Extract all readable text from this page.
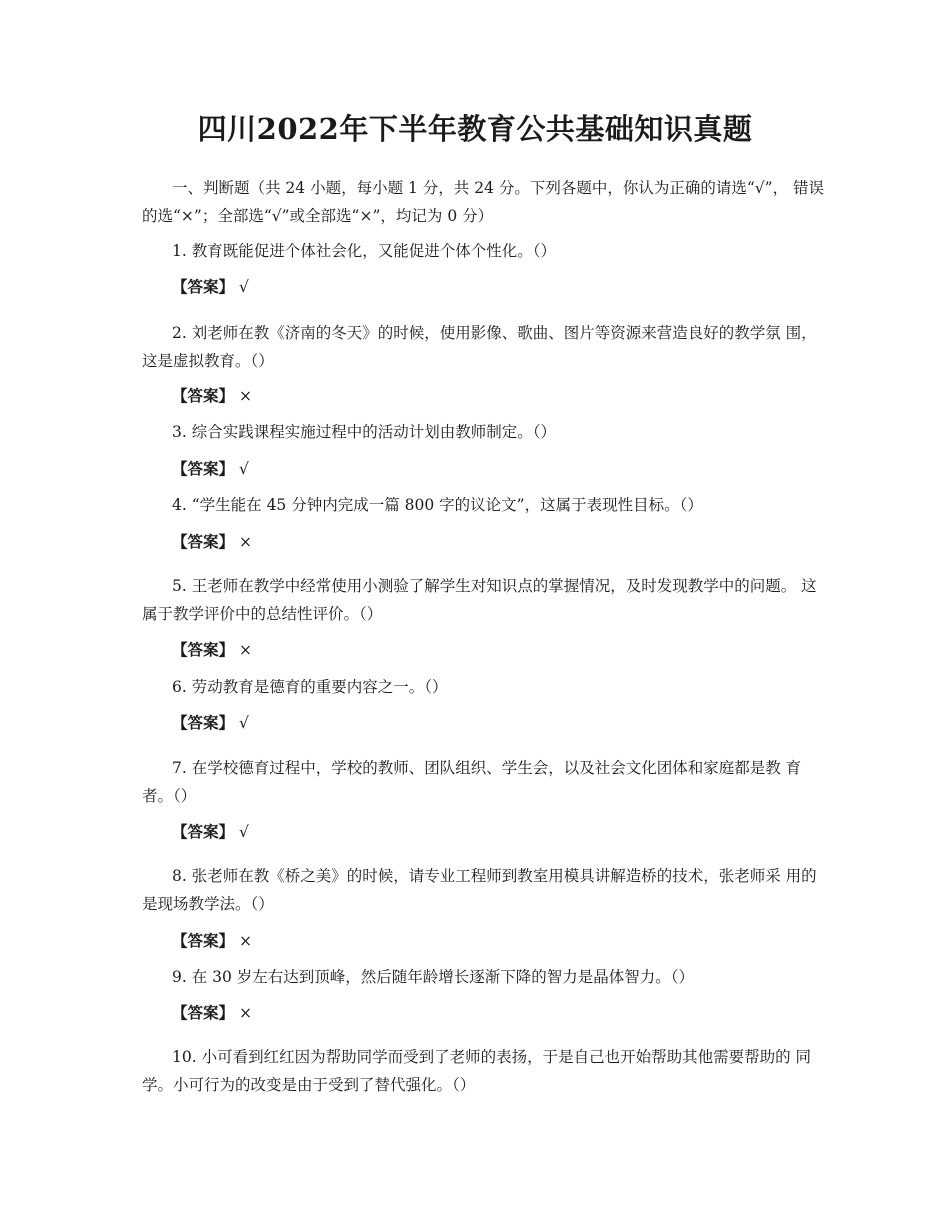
四川2022年下半年教育公共基础知识真题
一、判断题（共 24 小题，每小题 1 分，共 24 分。下列各题中，你认为正确的请选“√”， 错误的选“×”；全部选“√”或全部选“×”，均记为 0 分）
1. 教育既能促进个体社会化，又能促进个体个性化。（）
【答案】 √
2. 刘老师在教《济南的冬天》的时候，使用影像、歌曲、图片等资源来营造良好的教学氛 围，这是虚拟教育。（）
【答案】 ×
3. 综合实践课程实施过程中的活动计划由教师制定。（）
【答案】 √
4. “学生能在 45 分钟内完成一篇 800 字的议论文”，这属于表现性目标。（）
【答案】 ×
5. 王老师在教学中经常使用小测验了解学生对知识点的掌握情况，及时发现教学中的问题。 这属于教学评价中的总结性评价。（）
【答案】 ×
6. 劳动教育是德育的重要内容之一。（）
【答案】 √
7. 在学校德育过程中，学校的教师、团队组织、学生会，以及社会文化团体和家庭都是教 育者。（）
【答案】 √
8. 张老师在教《桥之美》的时候，请专业工程师到教室用模具讲解造桥的技术，张老师采 用的是现场教学法。（）
【答案】 ×
9. 在 30 岁左右达到顶峰，然后随年龄增长逐渐下降的智力是晶体智力。（）
【答案】 ×
10. 小可看到红红因为帮助同学而受到了老师的表扬，于是自己也开始帮助其他需要帮助的 同学。小可行为的改变是由于受到了替代强化。（）
